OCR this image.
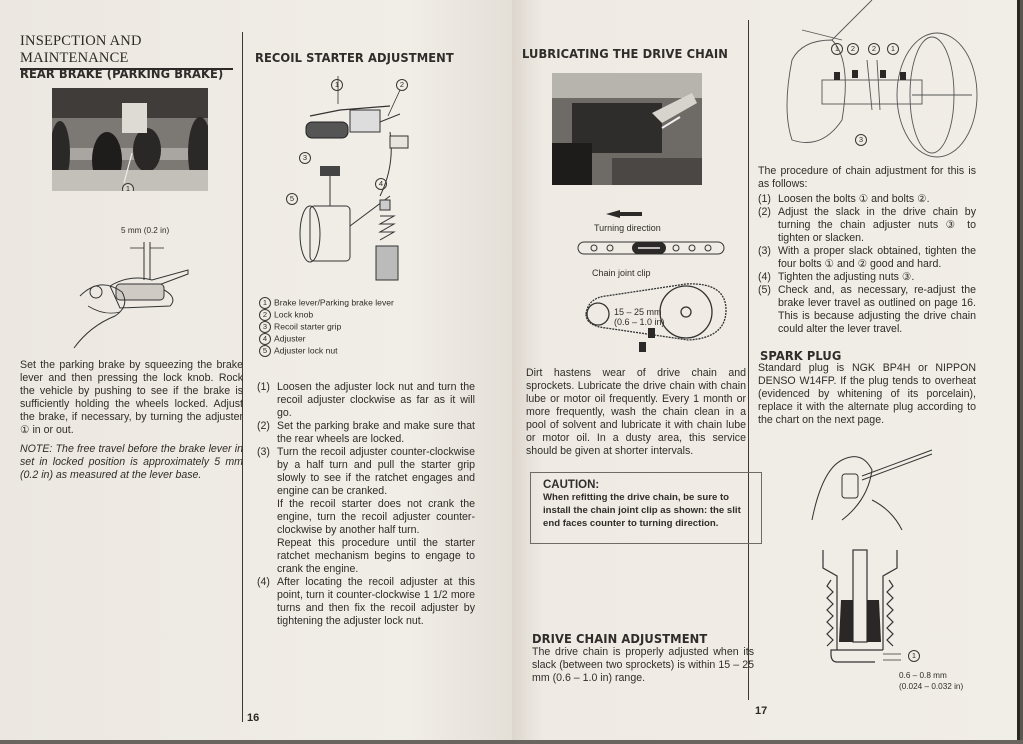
INSEPCTION AND MAINTENANCE
REAR BRAKE (PARKING BRAKE)
1
5 mm (0.2 in)
Set the parking brake by squeezing the brake lever and then pressing the lock knob. Rock the vehicle by pushing to see if the brake is sufficiently holding the wheels locked. Adjust the brake, if necessary, by turning the adjuster ① in or out.
NOTE: The free travel before the brake lever in set in locked position is approximately 5 mm (0.2 in) as measured at the lever base.
RECOIL STARTER ADJUSTMENT
1	2
3
4
5
1 Brake lever/Parking brake lever
2 Lock knob
3 Recoil starter grip
4 Adjuster
5 Adjuster lock nut
(1) Loosen the adjuster lock nut and turn the recoil adjuster clockwise as far as it will go.
(2) Set the parking brake and make sure that the rear wheels are locked.
(3) Turn the recoil adjuster counter-clockwise by a half turn and pull the starter grip slowly to see if the ratchet engages and engine can be cranked.
If the recoil starter does not crank the engine, turn the recoil adjuster counter-clockwise by another half turn.
Repeat this procedure until the starter ratchet mechanism begins to engage to crank the engine.
(4) After locating the recoil adjuster at this point, turn it counter-clockwise 1 1/2 more turns and then fix the recoil adjuster by tightening the adjuster lock nut.
16
LUBRICATING THE DRIVE CHAIN
Turning direction
Chain joint clip
15 – 25 mm
(0.6 – 1.0 in)
Dirt hastens wear of drive chain and sprockets. Lubricate the drive chain with chain lube or motor oil frequently. Every 1 month or more frequently, wash the chain clean in a pool of solvent and lubricate it with chain lube or motor oil. In a dusty area, this service should be given at shorter intervals.
CAUTION:
When refitting the drive chain, be sure to install the chain joint clip as shown: the slit end faces counter to turning direction.
DRIVE CHAIN ADJUSTMENT
The drive chain is properly adjusted when its slack (between two sprockets) is within 15 – 25 mm (0.6 – 1.0 in) range.
1	2	2	1
3
The procedure of chain adjustment for this is as follows:
(1) Loosen the bolts ① and bolts ②.
(2) Adjust the slack in the drive chain by turning the chain adjuster nuts ③ to tighten or slacken.
(3) With a proper slack obtained, tighten the four bolts ① and ② good and hard.
(4) Tighten the adjusting nuts ③.
(5) Check and, as necessary, re-adjust the brake lever travel as outlined on page 16. This is because adjusting the drive chain could alter the lever travel.
SPARK PLUG
Standard plug is NGK BP4H or NIPPON DENSO W14FP. If the plug tends to overheat (evidenced by whitening of its porcelain), replace it with the alternate plug according to the chart on the next page.
1
0.6 – 0.8 mm
(0.024 – 0.032 in)
17
